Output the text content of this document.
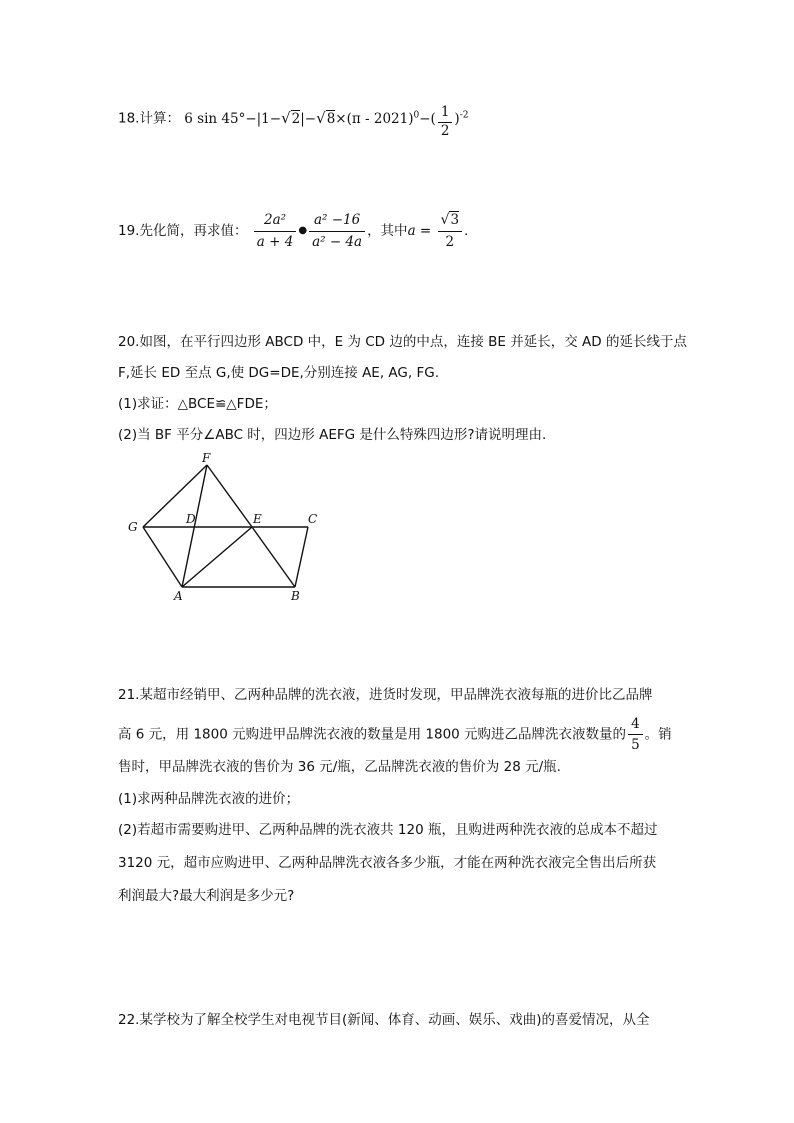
18.计算： 6 $\sin 45^\circ-|1-√2|-√8\times(\pi - 2021)^0-( \frac{1}{2} )^{-2}$
19.先化简，再求值： $\frac{\text{2a²}}{a + 4}$ ● $\frac{\text{a² −16}}{\text{a² − 4a}}$ ，其中$a = \frac{√3}{2}$ .
20.如图，在平行四边形 ABCD 中，E 为 CD 边的中点，连接 BE 并延长，交 AD 的延长线于点
F,延长 ED 至点 G,使 DG=DE,分别连接 AE, AG, FG.
(1)求证：△BCE≌△FDE；
(2)当 BF 平分∠ABC 时，四边形 AEFG 是什么特殊四边形?请说明理由.
F
G
D	E	C
A	B
21.某超市经销甲、乙两种品牌的洗衣液，进货时发现，甲品牌洗衣液每瓶的进价比乙品牌
高 6 元，用 1800 元购进甲品牌洗衣液的数量是用 1800 元购进乙品牌洗衣液数量的 $\frac{4}{5}$ 。销
售时，甲品牌洗衣液的售价为 36 元/瓶，乙品牌洗衣液的售价为 28 元/瓶.
(1)求两种品牌洗衣液的进价；
(2)若超市需要购进甲、乙两种品牌的洗衣液共 120 瓶，且购进两种洗衣液的总成本不超过
3120 元，超市应购进甲、乙两种品牌洗衣液各多少瓶，才能在两种洗衣液完全售出后所获
利润最大?最大利润是多少元?
22.某学校为了解全校学生对电视节目(新闻、体育、动画、娱乐、戏曲)的喜爱情况，从全
